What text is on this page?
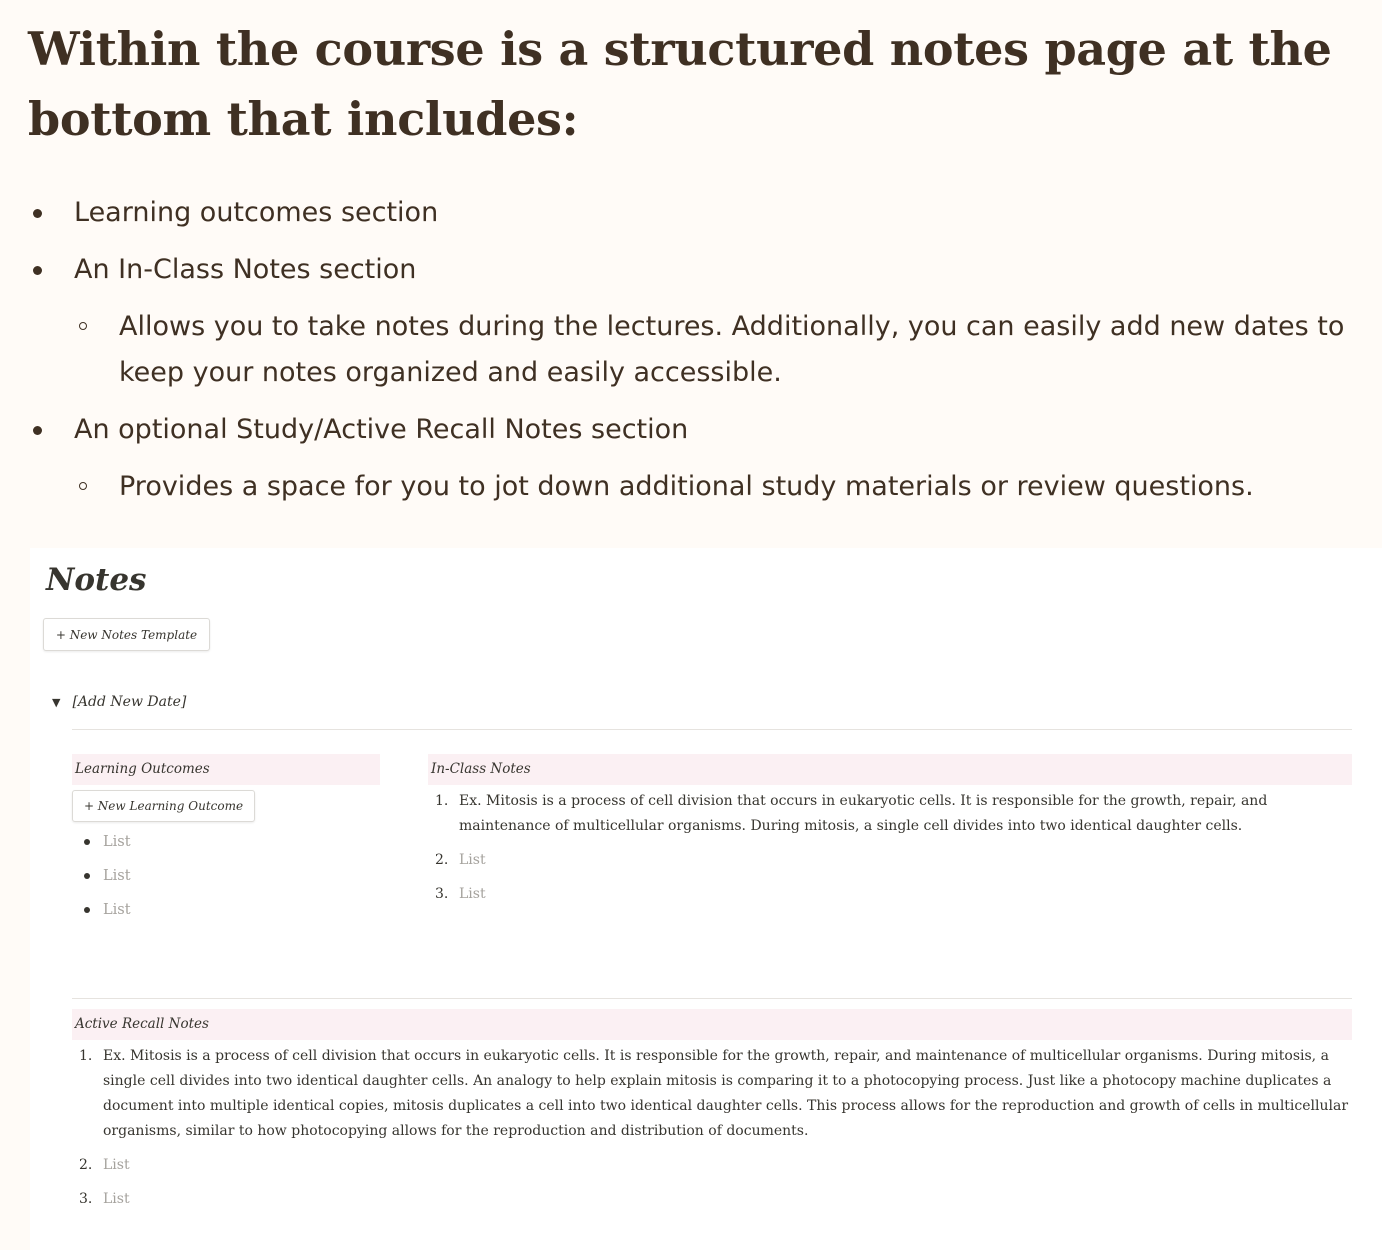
Within the course is a structured notes page at the bottom that includes:
Learning outcomes section
An In-Class Notes section
Allows you to take notes during the lectures. Additionally, you can easily add new dates to keep your notes organized and easily accessible.
An optional Study/Active Recall Notes section
Provides a space for you to jot down additional study materials or review questions.
Notes
+ New Notes Template
▼ [Add New Date]
Learning Outcomes
+ New Learning Outcome
List
List
List
In-Class Notes
1. Ex. Mitosis is a process of cell division that occurs in eukaryotic cells. It is responsible for the growth, repair, and maintenance of multicellular organisms. During mitosis, a single cell divides into two identical daughter cells.
2. List
3. List
Active Recall Notes
1. Ex. Mitosis is a process of cell division that occurs in eukaryotic cells. It is responsible for the growth, repair, and maintenance of multicellular organisms. During mitosis, a single cell divides into two identical daughter cells. An analogy to help explain mitosis is comparing it to a photocopying process. Just like a photocopy machine duplicates a document into multiple identical copies, mitosis duplicates a cell into two identical daughter cells. This process allows for the reproduction and growth of cells in multicellular organisms, similar to how photocopying allows for the reproduction and distribution of documents.
2. List
3. List
